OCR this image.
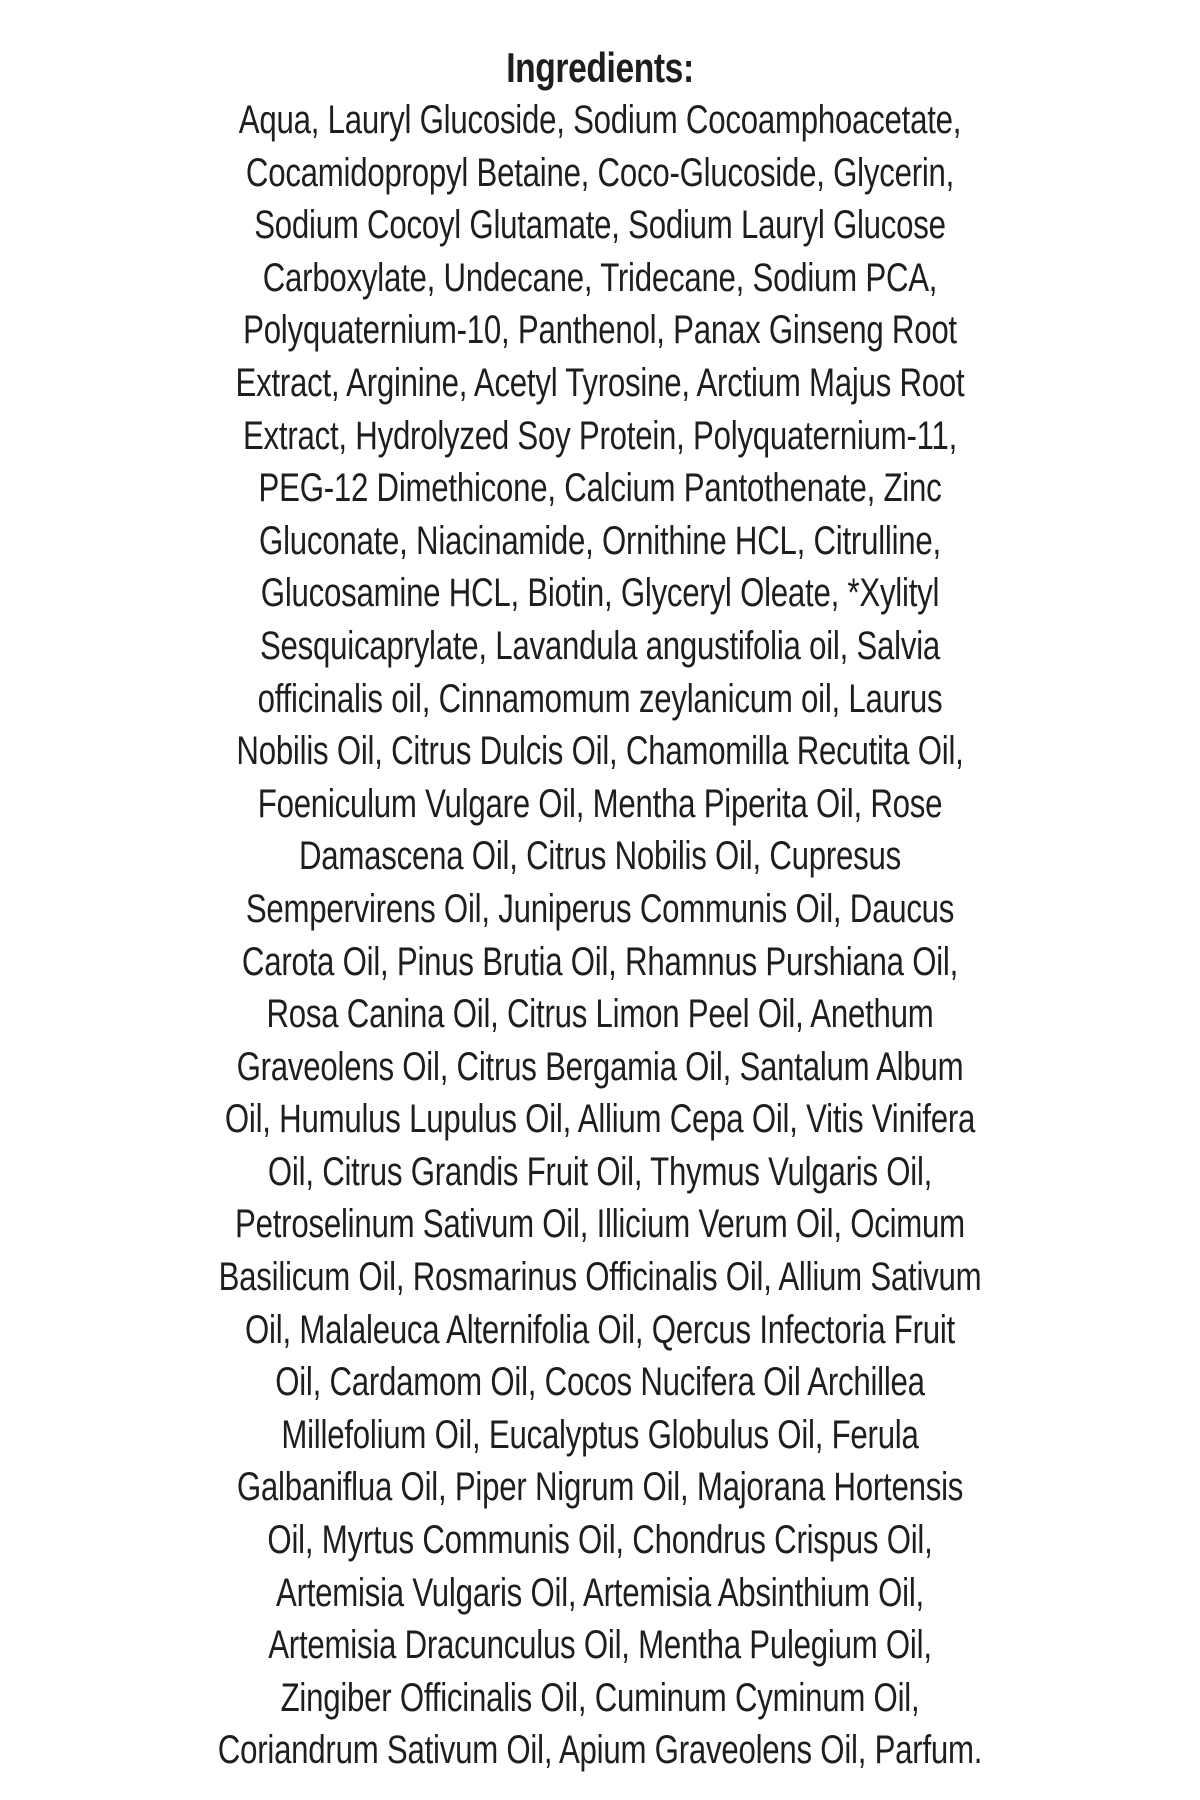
Ingredients:
Aqua, Lauryl Glucoside, Sodium Cocoamphoacetate,
Cocamidopropyl Betaine, Coco-Glucoside, Glycerin,
Sodium Cocoyl Glutamate, Sodium Lauryl Glucose
Carboxylate, Undecane, Tridecane, Sodium PCA,
Polyquaternium-10, Panthenol, Panax Ginseng Root
Extract, Arginine, Acetyl Tyrosine, Arctium Majus Root
Extract, Hydrolyzed Soy Protein, Polyquaternium-11,
PEG-12 Dimethicone, Calcium Pantothenate, Zinc
Gluconate, Niacinamide, Ornithine HCL, Citrulline,
Glucosamine HCL, Biotin, Glyceryl Oleate, *Xylityl
Sesquicaprylate, Lavandula angustifolia oil, Salvia
officinalis oil, Cinnamomum zeylanicum oil, Laurus
Nobilis Oil, Citrus Dulcis Oil, Chamomilla Recutita Oil,
Foeniculum Vulgare Oil, Mentha Piperita Oil, Rose
Damascena Oil, Citrus Nobilis Oil, Cupresus
Sempervirens Oil, Juniperus Communis Oil, Daucus
Carota Oil, Pinus Brutia Oil, Rhamnus Purshiana Oil,
Rosa Canina Oil, Citrus Limon Peel Oil, Anethum
Graveolens Oil, Citrus Bergamia Oil, Santalum Album
Oil, Humulus Lupulus Oil, Allium Cepa Oil, Vitis Vinifera
Oil, Citrus Grandis Fruit Oil, Thymus Vulgaris Oil,
Petroselinum Sativum Oil, Illicium Verum Oil, Ocimum
Basilicum Oil, Rosmarinus Officinalis Oil, Allium Sativum
Oil, Malaleuca Alternifolia Oil, Qercus Infectoria Fruit
Oil, Cardamom Oil, Cocos Nucifera Oil Archillea
Millefolium Oil, Eucalyptus Globulus Oil, Ferula
Galbaniflua Oil, Piper Nigrum Oil, Majorana Hortensis
Oil, Myrtus Communis Oil, Chondrus Crispus Oil,
Artemisia Vulgaris Oil, Artemisia Absinthium Oil,
Artemisia Dracunculus Oil, Mentha Pulegium Oil,
Zingiber Officinalis Oil, Cuminum Cyminum Oil,
Coriandrum Sativum Oil, Apium Graveolens Oil, Parfum.
